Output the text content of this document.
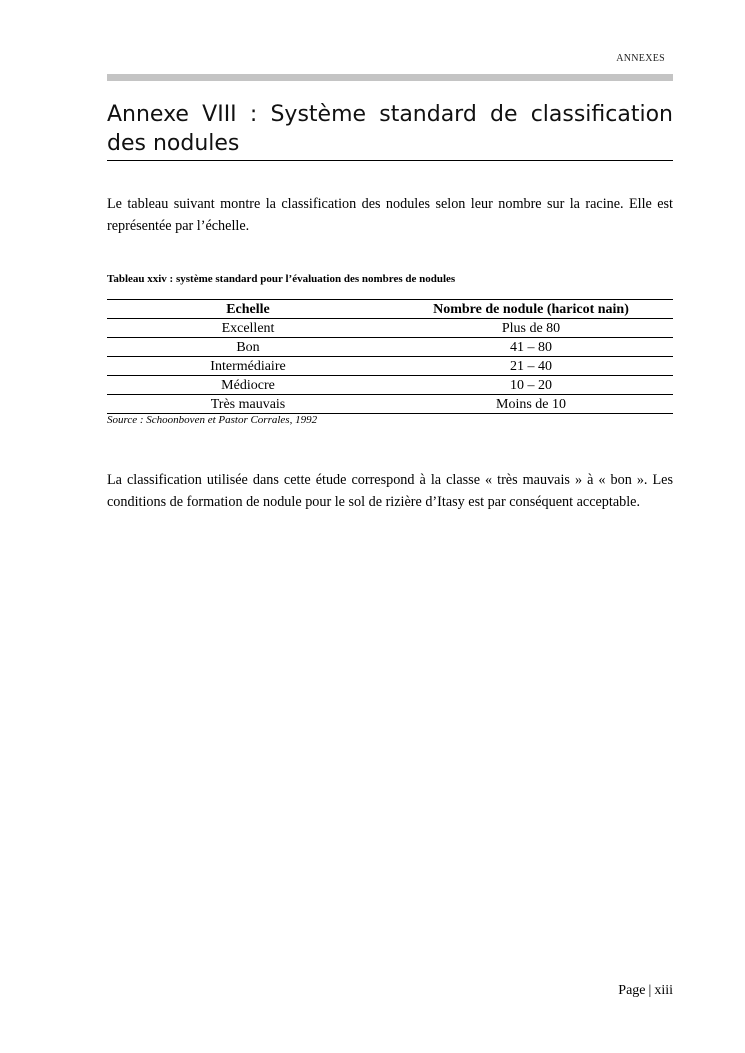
ANNEXES
Annexe VIII : Système standard de classification des nodules

Le tableau suivant montre la classification des nodules selon leur nombre sur la racine. Elle est représentée par l’échelle.

Tableau xxiv : système standard pour l’évaluation des nombres de nodules

Echelle	Nombre de nodule (haricot nain)
Excellent	Plus de 80
Bon	41 – 80
Intermédiaire	21 – 40
Médiocre	10 – 20
Très mauvais	Moins de 10

Source : Schoonboven et Pastor Corrales, 1992

La classification utilisée dans cette étude correspond à la classe « très mauvais » à « bon ». Les conditions de formation de nodule pour le sol de rizière d’Itasy est par conséquent acceptable.

Page | xiii
